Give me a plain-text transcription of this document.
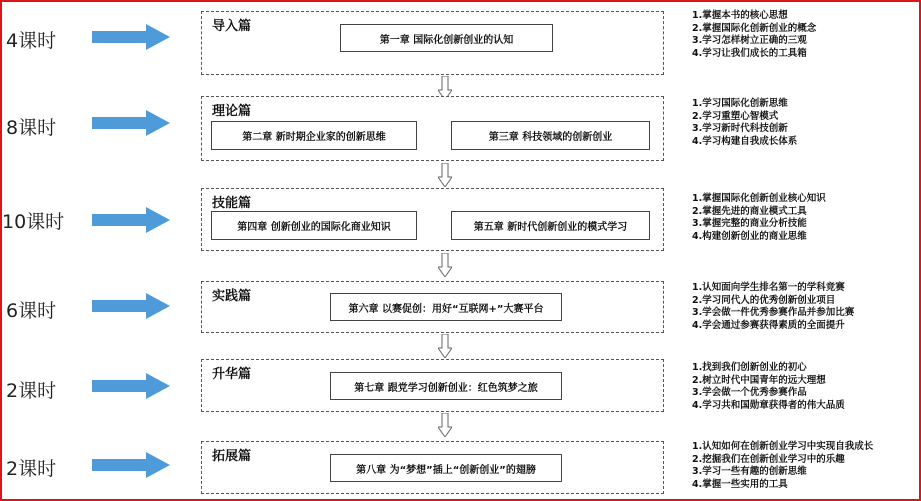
4课时
导入篇
第一章 国际化创新创业的认知
1.掌握本书的核心思想
2.掌握国际化创新创业的概念
3.学习怎样树立正确的三观
4.学习让我们成长的工具箱
8课时
理论篇
第二章 新时期企业家的创新思维	第三章 科技领域的创新创业
1.学习国际化创新思维
2.学习重塑心智模式
3.学习新时代科技创新
4.学习构建自我成长体系
10课时
技能篇
第四章 创新创业的国际化商业知识	第五章 新时代创新创业的模式学习
1.掌握国际化创新创业核心知识
2.掌握先进的商业模式工具
3.掌握完整的商业分析技能
4.构建创新创业的商业思维
6课时
实践篇
第六章 以赛促创：用好“互联网+”大赛平台
1.认知面向学生排名第一的学科竞赛
2.学习同代人的优秀创新创业项目
3.学会做一件优秀参赛作品并参加比赛
4.学会通过参赛获得素质的全面提升
2课时
升华篇
第七章 跟党学习创新创业：红色筑梦之旅
1.找到我们创新创业的初心
2.树立时代中国青年的远大理想
3.学会做一个优秀参赛作品
4.学习共和国勋章获得者的伟大品质
2课时
拓展篇
第八章 为“梦想”插上“创新创业”的翅膀
1.认知如何在创新创业学习中实现自我成长
2.挖掘我们在创新创业学习中的乐趣
3.学习一些有趣的创新思维
4.掌握一些实用的工具
